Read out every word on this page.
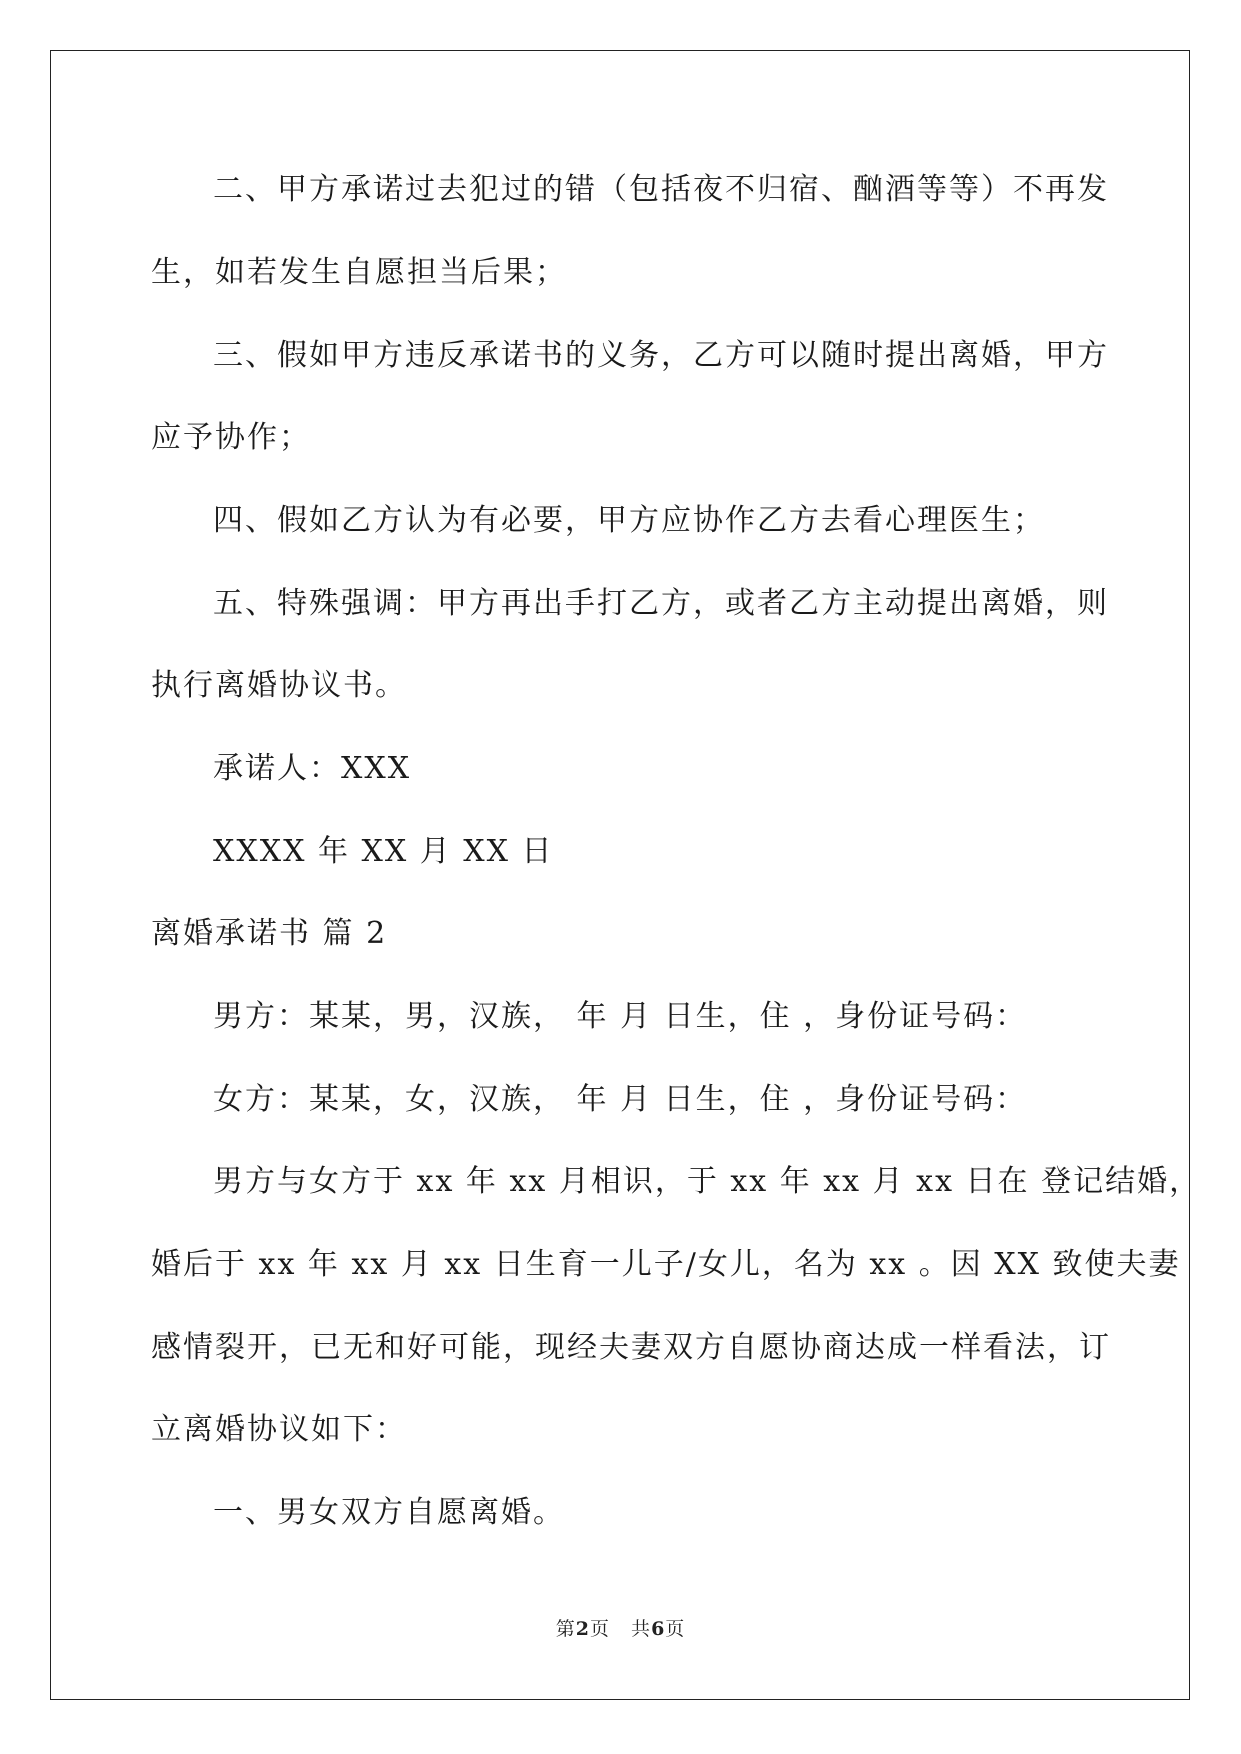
二、甲方承诺过去犯过的错（包括夜不归宿、酗酒等等）不再发
生，如若发生自愿担当后果；
三、假如甲方违反承诺书的义务，乙方可以随时提出离婚，甲方
应予协作；
四、假如乙方认为有必要，甲方应协作乙方去看心理医生；
五、特殊强调：甲方再出手打乙方，或者乙方主动提出离婚，则
执行离婚协议书。
承诺人：XXX
XXXX 年 XX 月 XX 日
离婚承诺书 篇 2
男方：某某，男，汉族， 年 月 日生，住 ，身份证号码：
女方：某某，女，汉族， 年 月 日生，住 ，身份证号码：
男方与女方于 xx 年 xx 月相识，于 xx 年 xx 月 xx 日在 登记结婚，
婚后于 xx 年 xx 月 xx 日生育一儿子/女儿，名为 xx 。因 XX 致使夫妻
感情裂开，已无和好可能，现经夫妻双方自愿协商达成一样看法，订
立离婚协议如下：
一、男女双方自愿离婚。
第2页   共6页
